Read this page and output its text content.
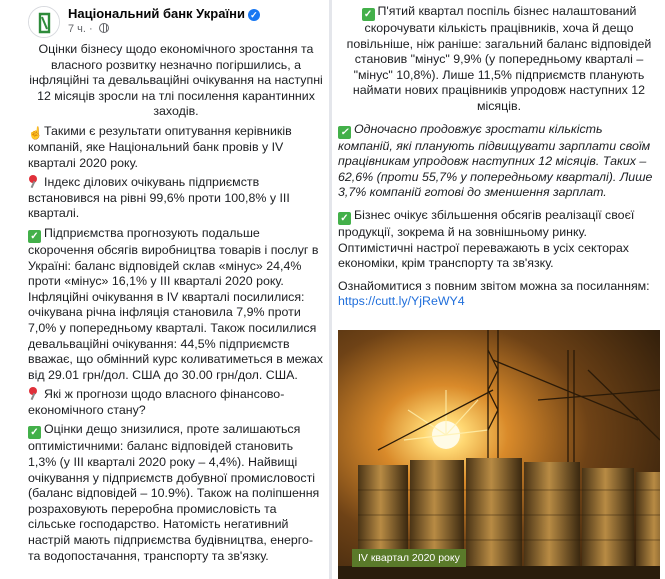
Національний банк України ✓
7 ч. ·
Оцінки бізнесу щодо економічного зростання та власного розвитку незначно погіршились, а інфляційні та девальваційні очікування на наступні 12 місяців зросли на тлі посилення карантинних заходів.
☝Такими є результати опитування керівників компаній, яке Національний банк провів у IV кварталі 2020 року.
Індекс ділових очікувань підприємств встановився на рівні 99,6% проти 100,8% у III кварталі.
✓ Підприємства прогнозують подальше скорочення обсягів виробництва товарів і послуг в Україні: баланс відповідей склав «мінус» 24,4% проти «мінус» 16,1% у III кварталі 2020 року. Інфляційні очікування в IV кварталі посилилися: очікувана річна інфляція становила 7,9% проти 7,0% у попередньому кварталі. Також посилилися девальваційні очікування: 44,5% підприємств вважає, що обмінний курс коливатиметься в межах від 29.01 грн/дол. США до 30.00 грн/дол. США.
Які ж прогнози щодо власного фінансово-економічного стану?
✓ Оцінки дещо знизилися, проте залишаються оптимістичними: баланс відповідей становить 1,3% (у III кварталі 2020 року – 4,4%). Найвищі очікування у підприємств добувної промисловості (баланс відповідей – 10.9%). Також на поліпшення розраховують переробна промисловість та сільське господарство. Натомість негативний настрій мають підприємства будівництва, енерго- та водопостачання, транспорту та зв'язку.
✓ П'ятий квартал поспіль бізнес налаштований скорочувати кількість працівників, хоча й дещо повільніше, ніж раніше: загальний баланс відповідей становив "мінус" 9,9% (у попередньому кварталі – "мінус" 10,8%). Лише 11,5% підприємств планують наймати нових працівників упродовж наступних 12 місяців.
✓ Одночасно продовжує зростати кількість компаній, які планують підвищувати зарплати своїм працівникам упродовж наступних 12 місяців. Таких – 62,6% (проти 55,7% у попередньому кварталі). Лише 3,7% компаній готові до зменшення зарплат.
✓ Бізнес очікує збільшення обсягів реалізації своєї продукції, зокрема й на зовнішньому ринку. Оптимістичні настрої переважають в усіх секторах економіки, крім транспорту та зв'язку.
Ознайомитися з повним звітом можна за посиланням: https://cutt.ly/YjReWY4
IV квартал 2020 року
